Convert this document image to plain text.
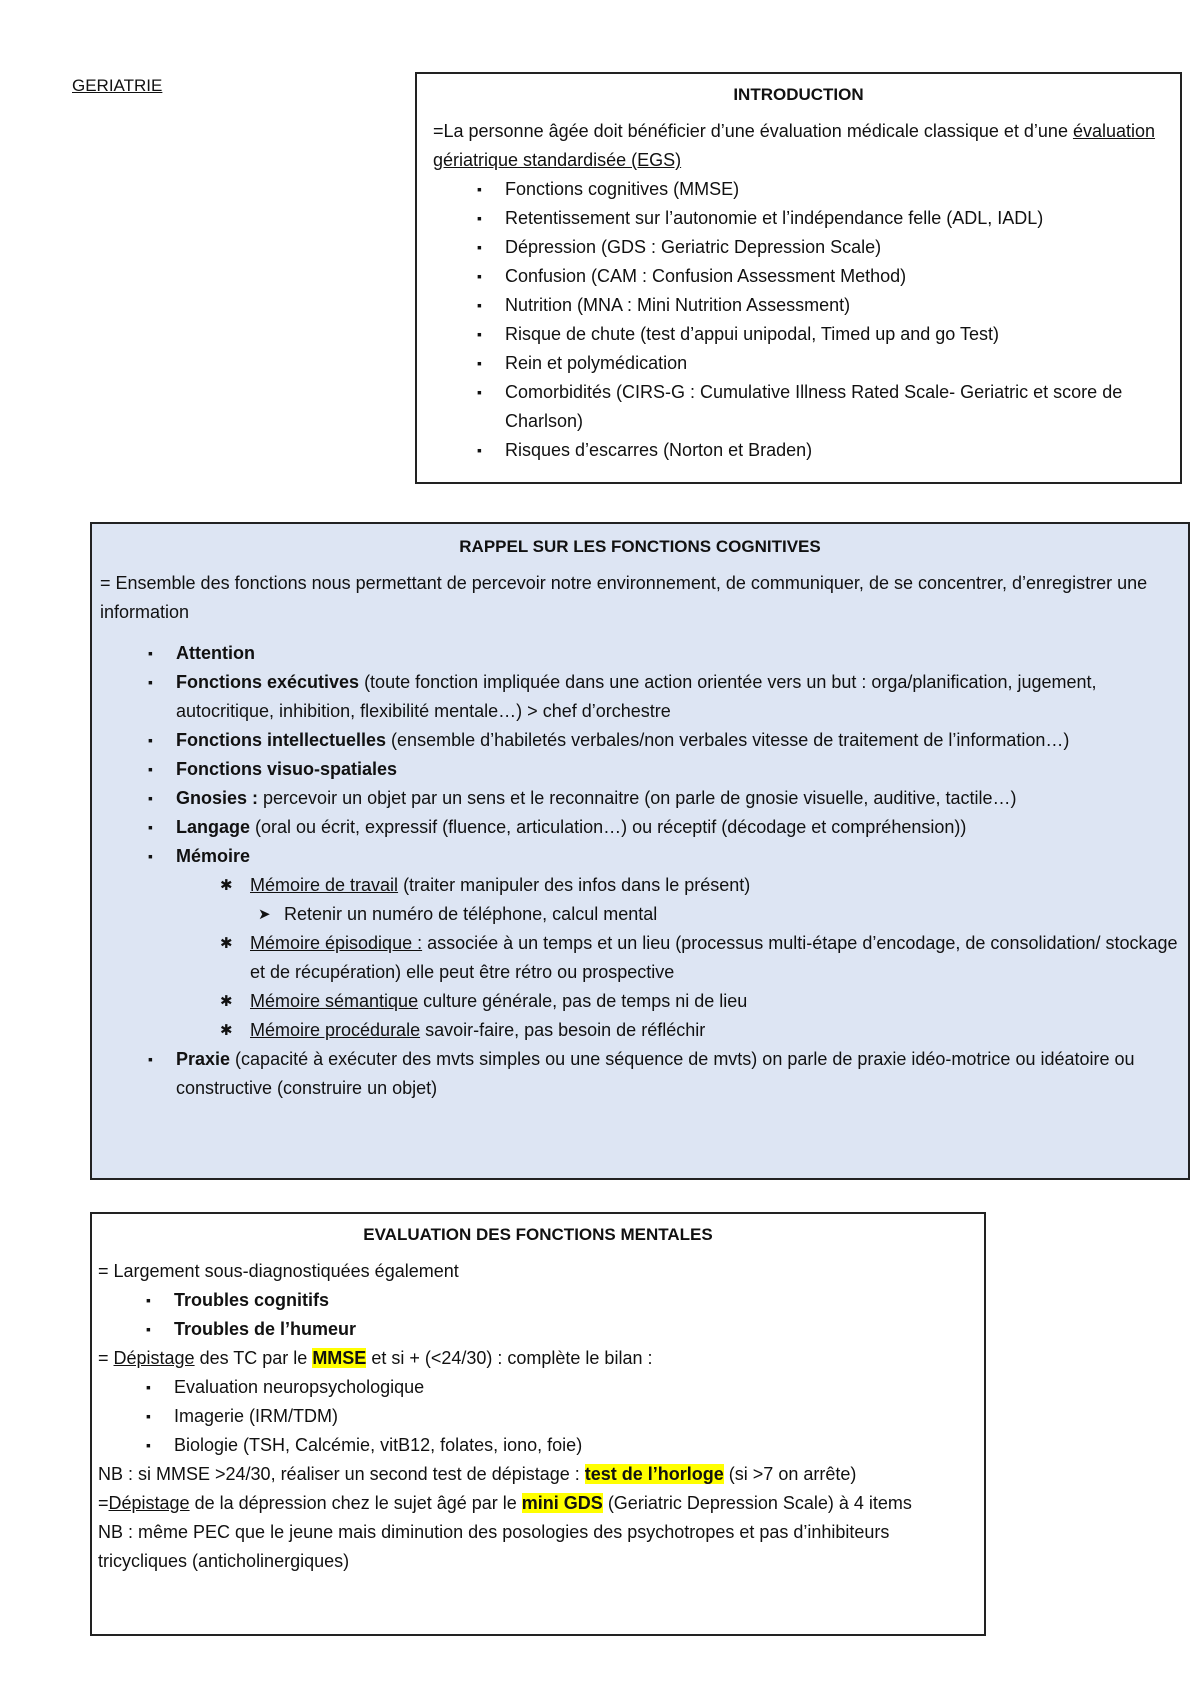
GERIATRIE	INTRODUCTION

=La personne âgée doit bénéficier d’une évaluation médicale classique et d’une évaluation gériatrique standardisée (EGS)

▪ Fonctions cognitives (MMSE)
▪ Retentissement sur l’autonomie et l’indépendance felle (ADL, IADL)
▪ Dépression (GDS : Geriatric Depression Scale)
▪ Confusion (CAM : Confusion Assessment Method)
▪ Nutrition (MNA : Mini Nutrition Assessment)
▪ Risque de chute (test d’appui unipodal, Timed up and go Test)
▪ Rein et polymédication
▪ Comorbidités (CIRS-G : Cumulative Illness Rated Scale- Geriatric et score de Charlson)
▪ Risques d’escarres (Norton et Braden)
RAPPEL SUR LES FONCTIONS COGNITIVES

= Ensemble des fonctions nous permettant de percevoir notre environnement, de communiquer, de se concentrer, d’enregistrer une information

▪ Attention
▪ Fonctions exécutives (toute fonction impliquée dans une action orientée vers un but : orga/planification, jugement, autocritique, inhibition, flexibilité mentale…) > chef d’orchestre
▪ Fonctions intellectuelles (ensemble d’habiletés verbales/non verbales vitesse de traitement de l’information…)
▪ Fonctions visuo-spatiales
▪ Gnosies : percevoir un objet par un sens et le reconnaitre (on parle de gnosie visuelle, auditive, tactile…)
▪ Langage (oral ou écrit, expressif (fluence, articulation…) ou réceptif (décodage et compréhension))
▪ Mémoire
✱ Mémoire de travail (traiter manipuler des infos dans le présent)
➤ Retenir un numéro de téléphone, calcul mental
✱ Mémoire épisodique : associée à un temps et un lieu (processus multi-étape d’encodage, de consolidation/ stockage et de récupération) elle peut être rétro ou prospective
✱ Mémoire sémantique culture générale, pas de temps ni de lieu
✱ Mémoire procédurale savoir-faire, pas besoin de réfléchir
▪ Praxie (capacité à exécuter des mvts simples ou une séquence de mvts) on parle de praxie idéo-motrice ou idéatoire ou constructive (construire un objet)
EVALUATION DES FONCTIONS MENTALES

= Largement sous-diagnostiquées également

▪ Troubles cognitifs
▪ Troubles de l’humeur

= Dépistage des TC par le MMSE et si + (<24/30) : complète le bilan :

▪ Evaluation neuropsychologique
▪ Imagerie (IRM/TDM)
▪ Biologie (TSH, Calcémie, vitB12, folates, iono, foie)

NB : si MMSE >24/30, réaliser un second test de dépistage : test de l’horloge (si >7 on arrête)

=Dépistage de la dépression chez le sujet âgé par le mini GDS (Geriatric Depression Scale) à 4 items

NB : même PEC que le jeune mais diminution des posologies des psychotropes et pas d’inhibiteurs tricycliques (anticholinergiques)
